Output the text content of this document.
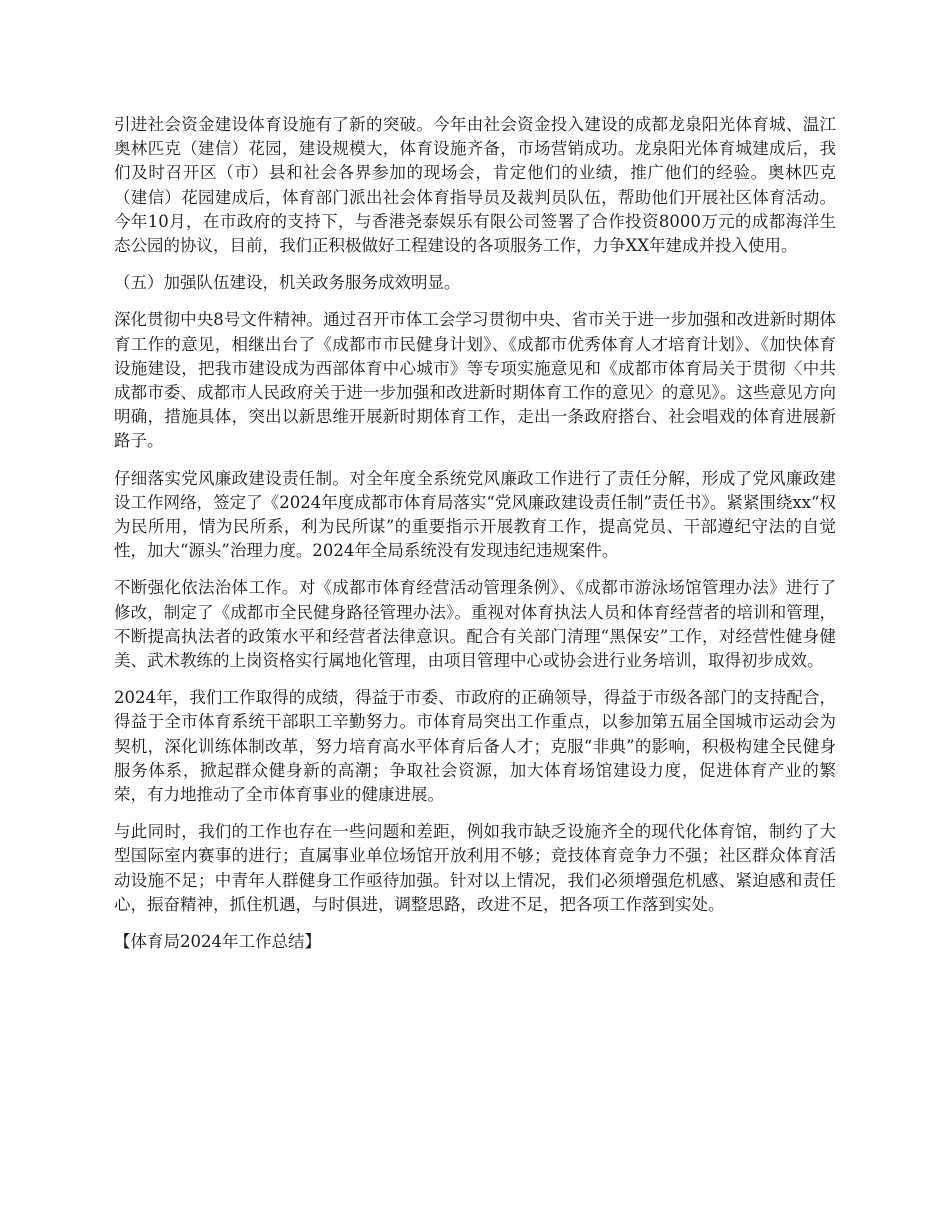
引进社会资金建设体育设施有了新的突破。今年由社会资金投入建设的成都龙泉阳光体育城、温江奥林匹克（建信）花园，建设规模大，体育设施齐备，市场营销成功。龙泉阳光体育城建成后，我们及时召开区（市）县和社会各界参加的现场会，肯定他们的业绩，推广他们的经验。奥林匹克（建信）花园建成后，体育部门派出社会体育指导员及裁判员队伍，帮助他们开展社区体育活动。今年10月，在市政府的支持下，与香港尧泰娱乐有限公司签署了合作投资8000万元的成都海洋生态公园的协议，目前，我们正积极做好工程建设的各项服务工作，力争XX年建成并投入使用。

（五）加强队伍建设，机关政务服务成效明显。

深化贯彻中央8号文件精神。通过召开市体工会学习贯彻中央、省市关于进一步加强和改进新时期体育工作的意见，相继出台了《成都市市民健身计划》、《成都市优秀体育人才培育计划》、《加快体育设施建设，把我市建设成为西部体育中心城市》等专项实施意见和《成都市体育局关于贯彻〈中共成都市委、成都市人民政府关于进一步加强和改进新时期体育工作的意见〉的意见》。这些意见方向明确，措施具体，突出以新思维开展新时期体育工作，走出一条政府搭台、社会唱戏的体育进展新路子。

仔细落实党风廉政建设责任制。对全年度全系统党风廉政工作进行了责任分解，形成了党风廉政建设工作网络，签定了《2024年度成都市体育局落实“党风廉政建设责任制”责任书》。紧紧围绕xx“权为民所用，情为民所系，利为民所谋”的重要指示开展教育工作，提高党员、干部遵纪守法的自觉性，加大“源头”治理力度。2024年全局系统没有发现违纪违规案件。

不断强化依法治体工作。对《成都市体育经营活动管理条例》、《成都市游泳场馆管理办法》进行了修改，制定了《成都市全民健身路径管理办法》。重视对体育执法人员和体育经营者的培训和管理，不断提高执法者的政策水平和经营者法律意识。配合有关部门清理“黑保安”工作，对经营性健身健美、武术教练的上岗资格实行属地化管理，由项目管理中心或协会进行业务培训，取得初步成效。

2024年，我们工作取得的成绩，得益于市委、市政府的正确领导，得益于市级各部门的支持配合，得益于全市体育系统干部职工辛勤努力。市体育局突出工作重点，以参加第五届全国城市运动会为契机，深化训练体制改革，努力培育高水平体育后备人才；克服“非典”的影响，积极构建全民健身服务体系，掀起群众健身新的高潮；争取社会资源，加大体育场馆建设力度，促进体育产业的繁荣，有力地推动了全市体育事业的健康进展。

与此同时，我们的工作也存在一些问题和差距，例如我市缺乏设施齐全的现代化体育馆，制约了大型国际室内赛事的进行；直属事业单位场馆开放利用不够；竞技体育竞争力不强；社区群众体育活动设施不足；中青年人群健身工作亟待加强。针对以上情况，我们必须增强危机感、紧迫感和责任心，振奋精神，抓住机遇，与时俱进，调整思路，改进不足，把各项工作落到实处。

【体育局2024年工作总结】
